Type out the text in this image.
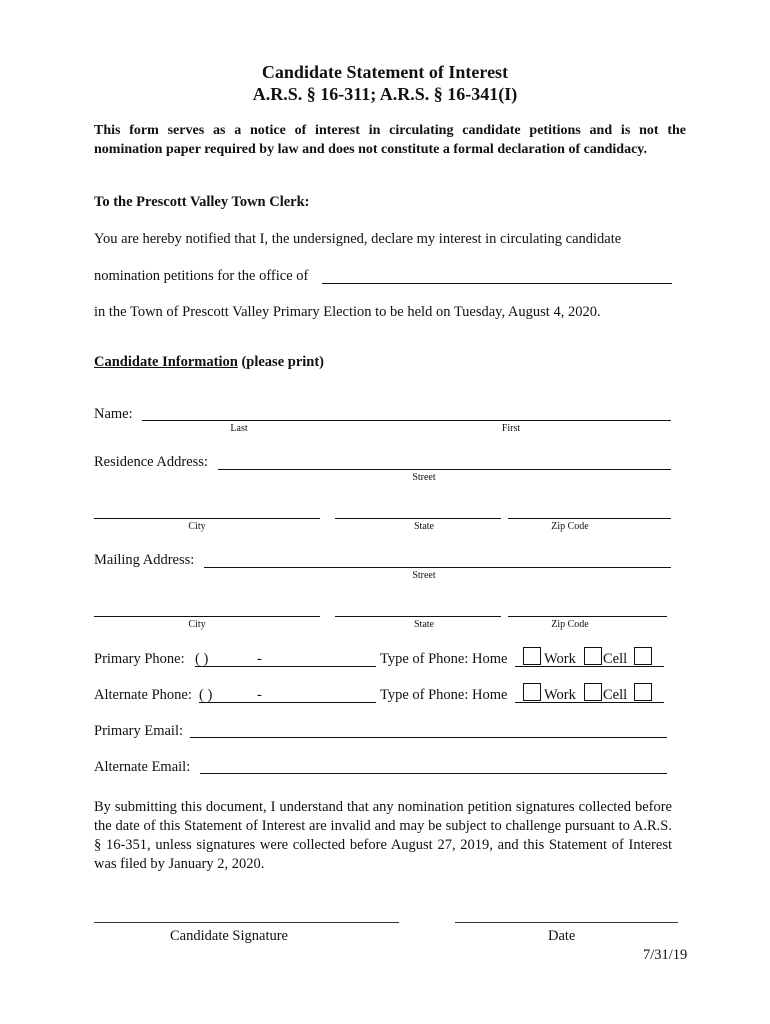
Candidate Statement of Interest
A.R.S. § 16-311; A.R.S. § 16-341(I)
This form serves as a notice of interest in circulating candidate petitions and is not the
nomination paper required by law and does not constitute a formal declaration of candidacy.
To the Prescott Valley Town Clerk:
You are hereby notified that I, the undersigned, declare my interest in circulating candidate
nomination petitions for the office of
in the Town of Prescott Valley Primary Election to be held on Tuesday, August 4, 2020.
Candidate Information (please print)
Name:
Last	First
Residence Address:
Street
City	State	Zip Code
Mailing Address:
Street
City	State	Zip Code
Primary Phone: ( )	-	Type of Phone: Home	Work Cell
Alternate Phone: ( )	-	Type of Phone: Home	Work Cell
Primary Email:
Alternate Email:
By submitting this document, I understand that any nomination petition signatures collected before the date of this Statement of Interest are invalid and may be subject to challenge pursuant to A.R.S. § 16-351, unless signatures were collected before August 27, 2019, and this Statement of Interest was filed by January 2, 2020.
Candidate Signature	Date
7/31/19
